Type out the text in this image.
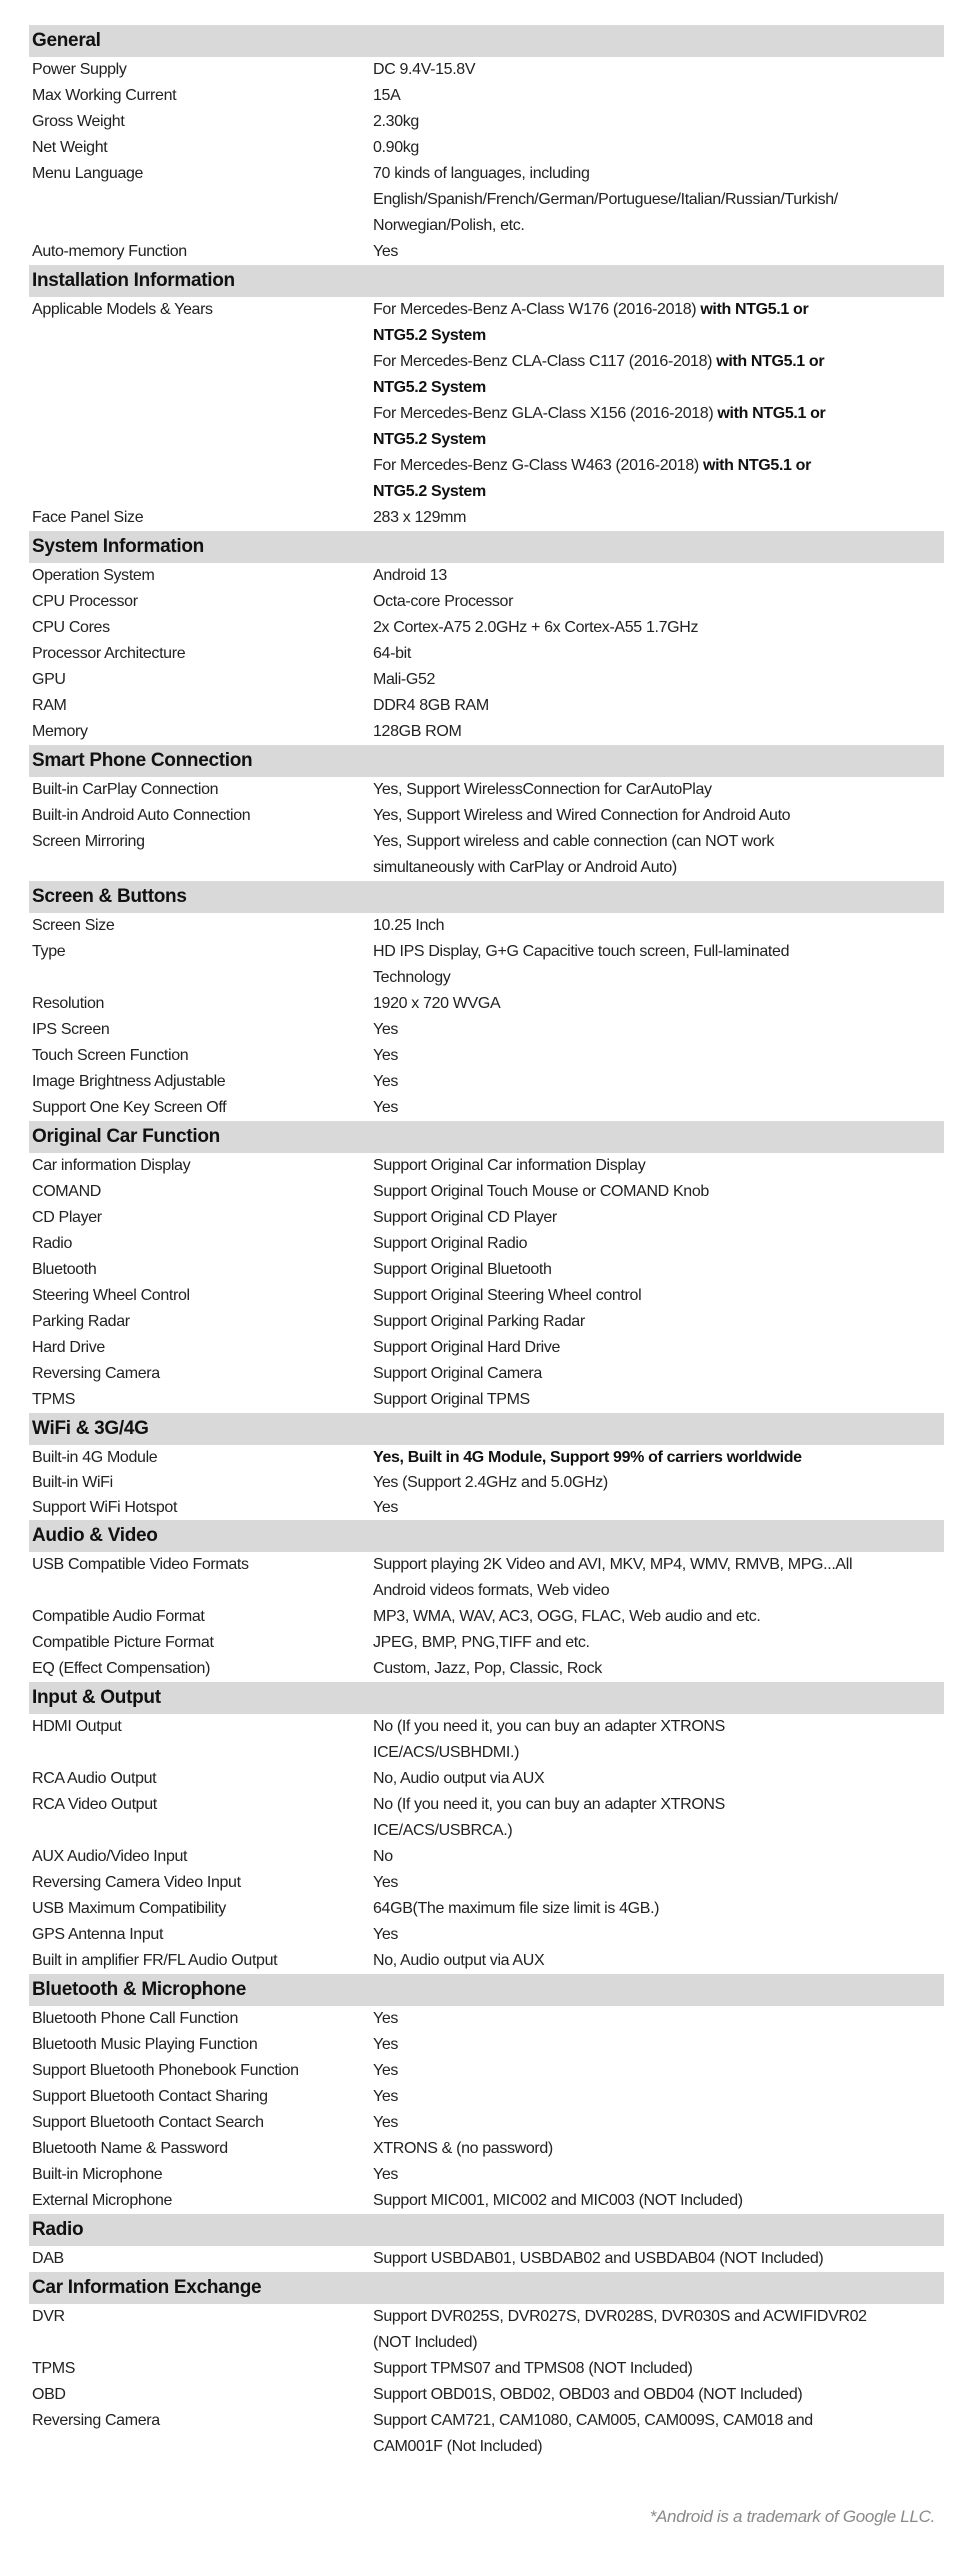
General
Power Supply	DC 9.4V-15.8V
Max Working Current	15A
Gross Weight	2.30kg
Net Weight	0.90kg
Menu Language	70 kinds of languages, including
English/Spanish/French/German/Portuguese/Italian/Russian/Turkish/
Norwegian/Polish, etc.
Auto-memory Function	Yes
Installation Information
Applicable Models & Years	For Mercedes-Benz A-Class W176 (2016-2018) with NTG5.1 or
NTG5.2 System
For Mercedes-Benz CLA-Class C117 (2016-2018) with NTG5.1 or
NTG5.2 System
For Mercedes-Benz GLA-Class X156 (2016-2018) with NTG5.1 or
NTG5.2 System
For Mercedes-Benz G-Class W463 (2016-2018) with NTG5.1 or
NTG5.2 System
Face Panel Size	283 x 129mm
System Information
Operation System	Android 13
CPU Processor	Octa-core Processor
CPU Cores	2x Cortex-A75 2.0GHz + 6x Cortex-A55 1.7GHz
Processor Architecture	64-bit
GPU	Mali-G52
RAM	DDR4 8GB RAM
Memory	128GB ROM
Smart Phone Connection
Built-in CarPlay Connection	Yes, Support WirelessConnection for CarAutoPlay
Built-in Android Auto Connection	Yes, Support Wireless and Wired Connection for Android Auto
Screen Mirroring	Yes, Support wireless and cable connection (can NOT work
simultaneously with CarPlay or Android Auto)
Screen & Buttons
Screen Size	10.25 Inch
Type	HD IPS Display, G+G Capacitive touch screen, Full-laminated
Technology
Resolution	1920 x 720 WVGA
IPS Screen	Yes
Touch Screen Function	Yes
Image Brightness Adjustable	Yes
Support One Key Screen Off	Yes
Original Car Function
Car information Display	Support Original Car information Display
COMAND	Support Original Touch Mouse or COMAND Knob
CD Player	Support Original CD Player
Radio	Support Original Radio
Bluetooth	Support Original Bluetooth
Steering Wheel Control	Support Original Steering Wheel control
Parking Radar	Support Original Parking Radar
Hard Drive	Support Original Hard Drive
Reversing Camera	Support Original Camera
TPMS	Support Original TPMS
WiFi & 3G/4G
Built-in 4G Module	Yes, Built in 4G Module, Support 99% of carriers worldwide
Built-in WiFi	Yes (Support 2.4GHz and 5.0GHz)
Support WiFi Hotspot	Yes
Audio & Video
USB Compatible Video Formats	Support playing 2K Video and AVI, MKV, MP4, WMV, RMVB, MPG...All
Android videos formats, Web video
Compatible Audio Format	MP3, WMA, WAV, AC3, OGG, FLAC, Web audio and etc.
Compatible Picture Format	JPEG, BMP, PNG,TIFF and etc.
EQ (Effect Compensation)	Custom, Jazz, Pop, Classic, Rock
Input & Output
HDMI Output	No (If you need it, you can buy an adapter XTRONS
ICE/ACS/USBHDMI.)
RCA Audio Output	No, Audio output via AUX
RCA Video Output	No (If you need it, you can buy an adapter XTRONS
ICE/ACS/USBRCA.)
AUX Audio/Video Input	No
Reversing Camera Video Input	Yes
USB Maximum Compatibility	64GB(The maximum file size limit is 4GB.)
GPS Antenna Input	Yes
Built in amplifier FR/FL Audio Output	No, Audio output via AUX
Bluetooth & Microphone
Bluetooth Phone Call Function	Yes
Bluetooth Music Playing Function	Yes
Support Bluetooth Phonebook Function	Yes
Support Bluetooth Contact Sharing	Yes
Support Bluetooth Contact Search	Yes
Bluetooth Name & Password	XTRONS & (no password)
Built-in Microphone	Yes
External Microphone	Support MIC001, MIC002 and MIC003 (NOT Included)
Radio
DAB	Support USBDAB01, USBDAB02 and USBDAB04 (NOT Included)
Car Information Exchange
DVR	Support DVR025S, DVR027S, DVR028S, DVR030S and ACWIFIDVR02
(NOT Included)
TPMS	Support TPMS07 and TPMS08 (NOT Included)
OBD	Support OBD01S, OBD02, OBD03 and OBD04 (NOT Included)
Reversing Camera	Support CAM721, CAM1080, CAM005, CAM009S, CAM018 and
CAM001F (Not Included)
*Android is a trademark of Google LLC.
